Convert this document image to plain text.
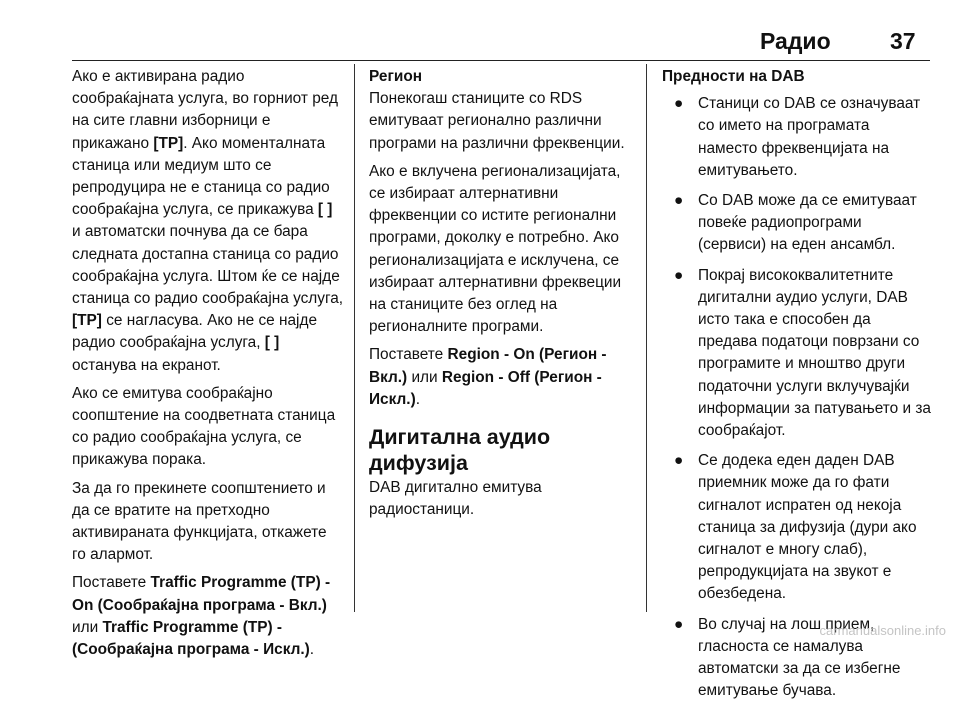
Радио	37

Ако е активирана радио сообраќајната услуга, во горниот ред на сите главни изборници е прикажано [TP]. Ако моменталната станица или медиум што се репродуцира не е станица со радио сообраќајна услуга, се прикажува [ ] и автоматски почнува да се бара следната достапна станица со радио сообраќајна услуга. Штом ќе се најде станица со радио сообраќајна услуга, [TP] се нагласува. Ако не се најде радио сообраќајна услуга, [ ] останува на екранот.

Ако се емитува сообраќајно соопштение на соодветната станица со радио сообраќајна услуга, се прикажува порака.

За да го прекинете соопштението и да се вратите на претходно активираната функцијата, откажете го алармот.

Поставете Traffic Programme (TP) - On (Сообраќајна програма - Вкл.) или Traffic Programme (TP) - (Сообраќајна програма - Искл.).

Регион

Понекогаш станиците со RDS емитуваат регионално различни програми на различни фреквенции.

Ако е вклучена регионализацијата, се избираат алтернативни фреквенции со истите регионални програми, доколку е потребно. Ако регионализацијата е исклучена, се избираат алтернативни фреквеции на станиците без оглед на регионалните програми.

Поставете Region - On (Регион - Вкл.) или Region - Off (Регион - Искл.).

Дигитална аудио дифузија

DAB дигитално емитува радиостаници.

Предности на DAB
● Станици со DAB се означуваат со името на програмата наместо фреквенцијата на емитувањето.
● Со DAB може да се емитуваат повеќе радиопрограми (сервиси) на еден ансамбл.
● Покрај висококвалитетните дигитални аудио услуги, DAB исто така е способен да предава податоци поврзани со програмите и мноштво други податочни услуги вклучувајќи информации за патувањето и за сообраќајот.
● Се додека еден даден DAB приемник може да го фати сигналот испратен од некоја станица за дифузија (дури ако сигналот е многу слаб), репродукцијата на звукот е обезбедена.
● Во случај на лош прием, гласноста се намалува автоматски за да се избегне емитување бучава.
carmanualsonline.info
